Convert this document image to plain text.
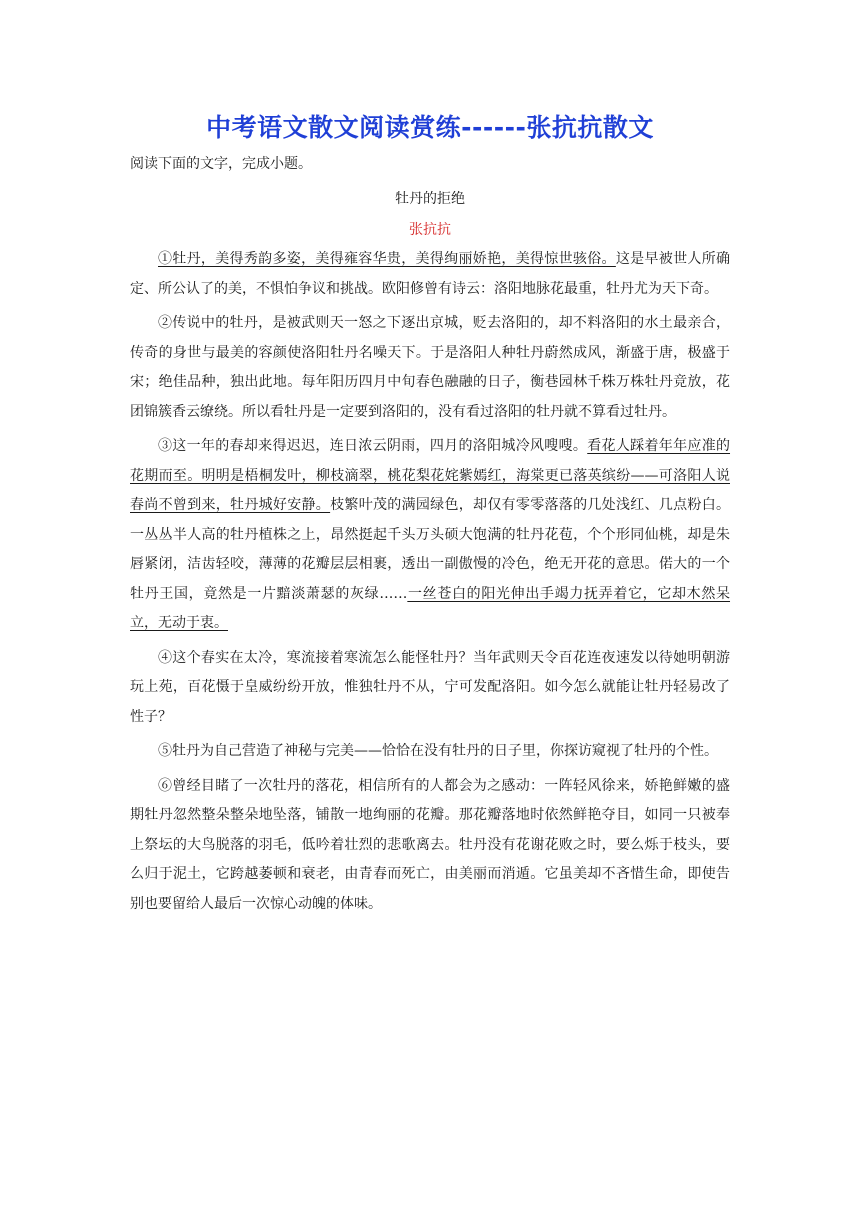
中考语文散文阅读赏练------张抗抗散文
阅读下面的文字，完成小题。
牡丹的拒绝
张抗抗

①牡丹，美得秀韵多姿，美得雍容华贵，美得绚丽娇艳，美得惊世骇俗。这是早被世人所确定、所公认了的美，不惧怕争议和挑战。欧阳修曾有诗云：洛阳地脉花最重，牡丹尤为天下奇。

②传说中的牡丹，是被武则天一怒之下逐出京城，贬去洛阳的，却不料洛阳的水土最亲合，传奇的身世与最美的容颜使洛阳牡丹名噪天下。于是洛阳人种牡丹蔚然成风，渐盛于唐，极盛于宋；绝佳品种，独出此地。每年阳历四月中旬春色融融的日子，衡巷园林千株万株牡丹竞放，花团锦簇香云缭绕。所以看牡丹是一定要到洛阳的，没有看过洛阳的牡丹就不算看过牡丹。

③这一年的春却来得迟迟，连日浓云阴雨，四月的洛阳城冷风嗖嗖。看花人踩着年年应准的花期而至。明明是梧桐发叶，柳枝滴翠，桃花梨花姹紫嫣红，海棠更已落英缤纷——可洛阳人说春尚不曾到来，牡丹城好安静。枝繁叶茂的满园绿色，却仅有零零落落的几处浅红、几点粉白。一丛丛半人高的牡丹植株之上，昂然挺起千头万头硕大饱满的牡丹花苞，个个形同仙桃，却是朱唇紧闭，洁齿轻咬，薄薄的花瓣层层相裹，透出一副傲慢的冷色，绝无开花的意思。偌大的一个牡丹王国，竟然是一片黯淡萧瑟的灰绿……一丝苍白的阳光伸出手竭力抚弄着它，它却木然呆立，无动于衷。

④这个春实在太冷，寒流接着寒流怎么能怪牡丹？当年武则天令百花连夜速发以待她明朝游玩上苑，百花慑于皇威纷纷开放，惟独牡丹不从，宁可发配洛阳。如今怎么就能让牡丹轻易改了性子？

⑤牡丹为自己营造了神秘与完美——恰恰在没有牡丹的日子里，你探访窥视了牡丹的个性。

⑥曾经目睹了一次牡丹的落花，相信所有的人都会为之感动：一阵轻风徐来，娇艳鲜嫩的盛期牡丹忽然整朵整朵地坠落，铺散一地绚丽的花瓣。那花瓣落地时依然鲜艳夺目，如同一只被奉上祭坛的大鸟脱落的羽毛，低吟着壮烈的悲歌离去。牡丹没有花谢花败之时，要么烁于枝头，要么归于泥土，它跨越萎顿和衰老，由青春而死亡，由美丽而消遁。它虽美却不吝惜生命，即使告别也要留给人最后一次惊心动魄的体味。
